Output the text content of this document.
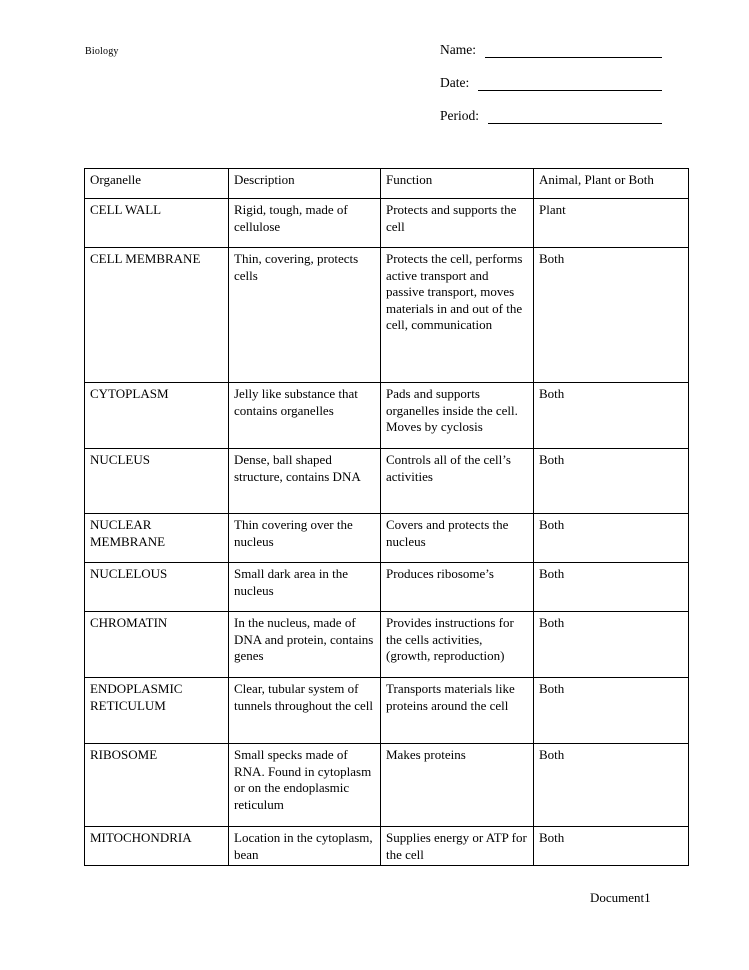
Biology	Name:
Date:
Period:
Organelle	Description	Function	Animal, Plant or Both
CELL WALL	Rigid, tough, made of cellulose	Protects and supports the cell	Plant
CELL MEMBRANE	Thin, covering, protects cells	Protects the cell, performs active transport and passive transport, moves materials in and out of the cell, communication	Both
CYTOPLASM	Jelly like substance that contains organelles	Pads and supports organelles inside the cell. Moves by cyclosis	Both
NUCLEUS	Dense, ball shaped structure, contains DNA	Controls all of the cell’s activities	Both
NUCLEAR MEMBRANE	Thin covering over the nucleus	Covers and protects the nucleus	Both
NUCLELOUS	Small dark area in the nucleus	Produces ribosome’s	Both
CHROMATIN	In the nucleus, made of DNA and protein, contains genes	Provides instructions for the cells activities, (growth, reproduction)	Both
ENDOPLASMIC RETICULUM	Clear, tubular system of tunnels throughout the cell	Transports materials like proteins around the cell	Both
RIBOSOME	Small specks made of RNA. Found in cytoplasm or on the endoplasmic reticulum	Makes proteins	Both
MITOCHONDRIA	Location in the cytoplasm, bean	Supplies energy or ATP for the cell	Both
Document1
